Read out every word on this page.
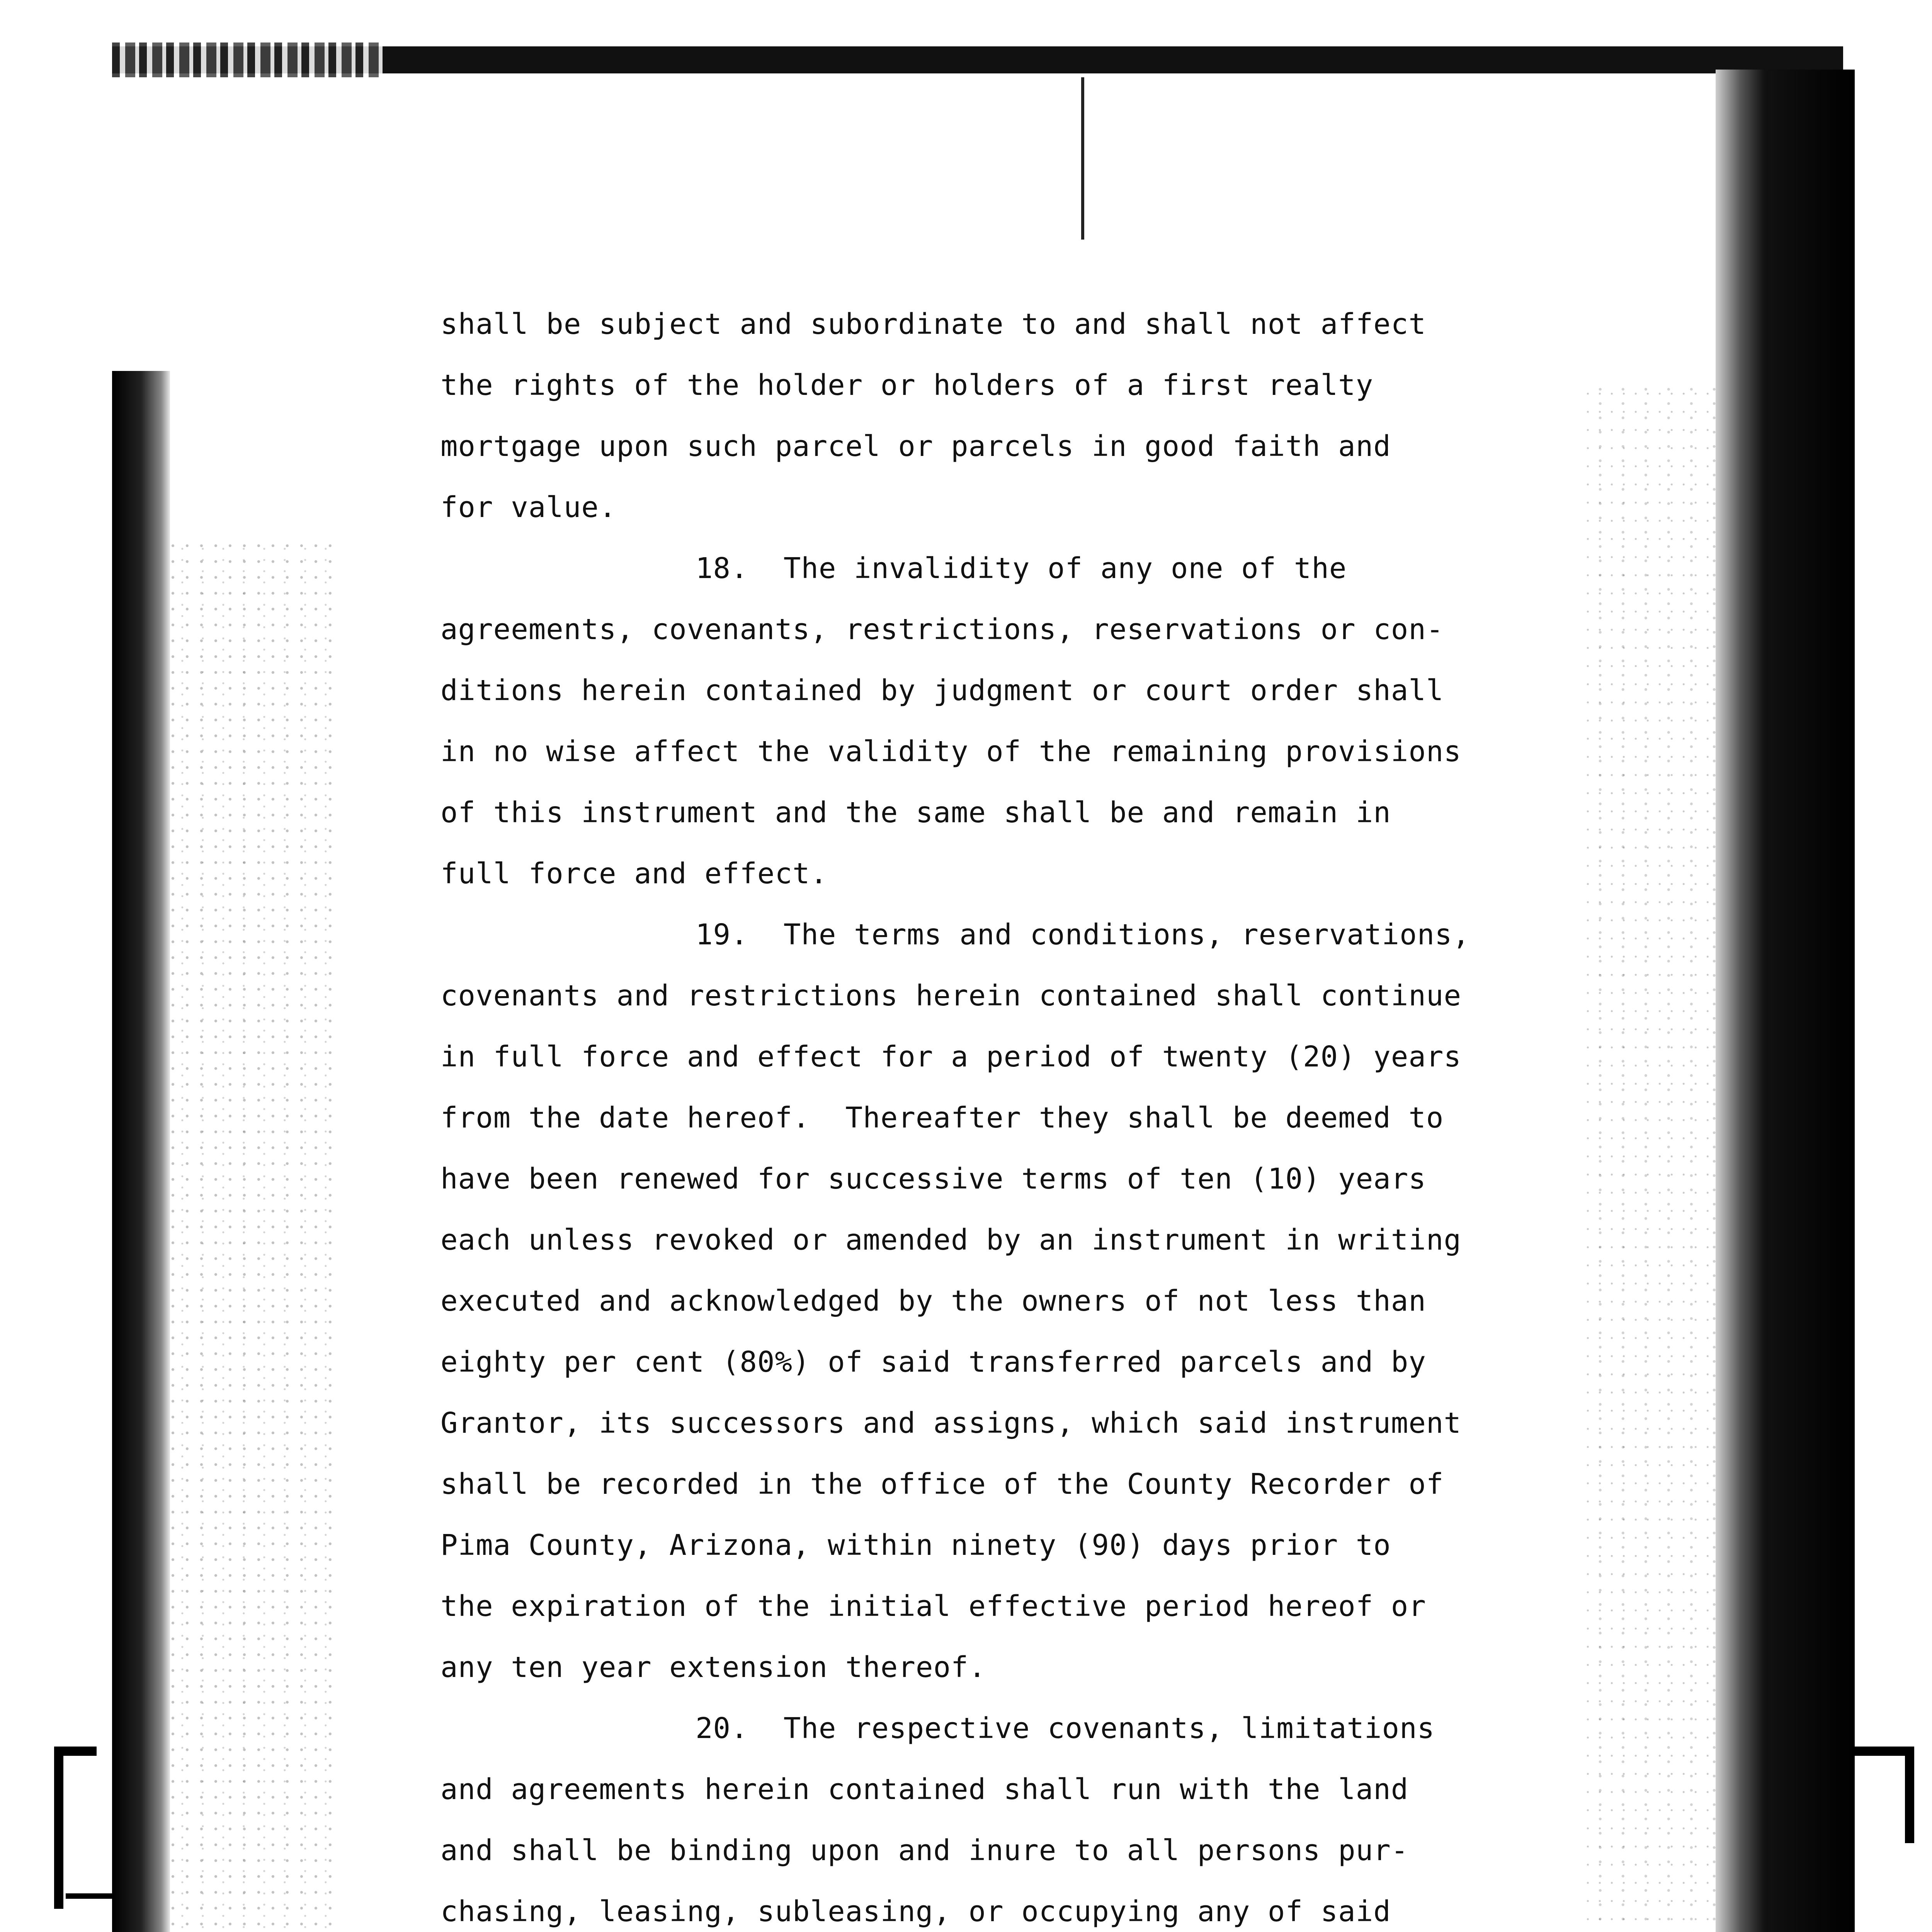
shall be subject and subordinate to and shall not affect
the rights of the holder or holders of a first realty
mortgage upon such parcel or parcels in good faith and
for value.
18. The invalidity of any one of the
agreements, covenants, restrictions, reservations or con-
ditions herein contained by judgment or court order shall
in no wise affect the validity of the remaining provisions
of this instrument and the same shall be and remain in
full force and effect.
19. The terms and conditions, reservations,
covenants and restrictions herein contained shall continue
in full force and effect for a period of twenty (20) years
from the date hereof.  Thereafter they shall be deemed to
have been renewed for successive terms of ten (10) years
each unless revoked or amended by an instrument in writing
executed and acknowledged by the owners of not less than
eighty per cent (80%) of said transferred parcels and by
Grantor, its successors and assigns, which said instrument
shall be recorded in the office of the County Recorder of
Pima County, Arizona, within ninety (90) days prior to
the expiration of the initial effective period hereof or
any ten year extension thereof.
20. The respective covenants, limitations
and agreements herein contained shall run with the land
and shall be binding upon and inure to all persons pur-
chasing, leasing, subleasing, or occupying any of said
